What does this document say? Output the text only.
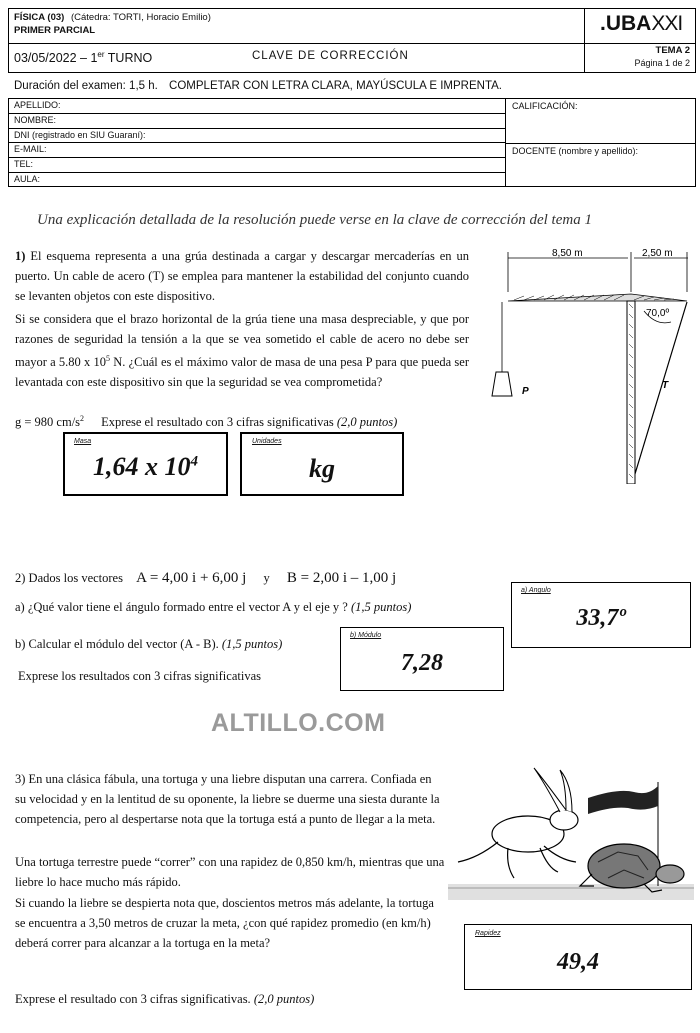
FÍSICA (03) (Cátedra: TORTI, Horacio Emilio)
PRIMER PARCIAL
03/05/2022 – 1er TURNO	CLAVE DE CORRECCIÓN
.UBAXXI
TEMA 2
Página 1 de 2
Duración del examen: 1,5 h. COMPLETAR CON LETRA CLARA, MAYÚSCULA E IMPRENTA.
APELLIDO:
NOMBRE:
DNI (registrado en SIU Guaraní):
E-MAIL:
TEL:
AULA:
CALIFICACIÓN:
DOCENTE (nombre y apellido):
Una explicación detallada de la resolución puede verse en la clave de corrección del tema 1
1) El esquema representa a una grúa destinada a cargar y descargar mercaderías en un puerto. Un cable de acero (T) se emplea para mantener la estabilidad del conjunto cuando se levanten objetos con este dispositivo.
Si se considera que el brazo horizontal de la grúa tiene una masa despreciable, y que por razones de seguridad la tensión a la que se vea sometido el cable de acero no debe ser mayor a 5.80 x $10^5$ N. ¿Cuál es el máximo valor de masa de una pesa P para que pueda ser levantada con este dispositivo sin que la seguridad se vea comprometida?
g = 980 $cm/s^2$ Exprese el resultado con 3 cifras significativas (2,0 puntos)
Masa
1,64 x $10^4$
Unidades
kg
8,50 m	2,50 m
70,0º
P
T
2) Dados los vectores A = 4,00 i + 6,00 j y B = 2,00 i – 1,00 j
a) ¿Qué valor tiene el ángulo formado entre el vector A y el eje y ? (1,5 puntos)
b) Calcular el módulo del vector (A - B). (1,5 puntos)
Exprese los resultados con 3 cifras significativas
a) Angulo
33,7º
b) Módulo
7,28
ALTILLO.COM
3) En una clásica fábula, una tortuga y una liebre disputan una carrera. Confiada en su velocidad y en la lentitud de su oponente, la liebre se duerme una siesta durante la competencia, pero al despertarse nota que la tortuga está a punto de llegar a la meta.
Una tortuga terrestre puede “correr” con una rapidez de 0,850 km/h, mientras que una liebre lo hace mucho más rápido.
Si cuando la liebre se despierta nota que, doscientos metros más adelante, la tortuga se encuentra a 3,50 metros de cruzar la meta, ¿con qué rapidez promedio (en km/h) deberá correr para alcanzar a la tortuga en la meta?
Exprese el resultado con 3 cifras significativas. (2,0 puntos)
Rapidez
49,4
